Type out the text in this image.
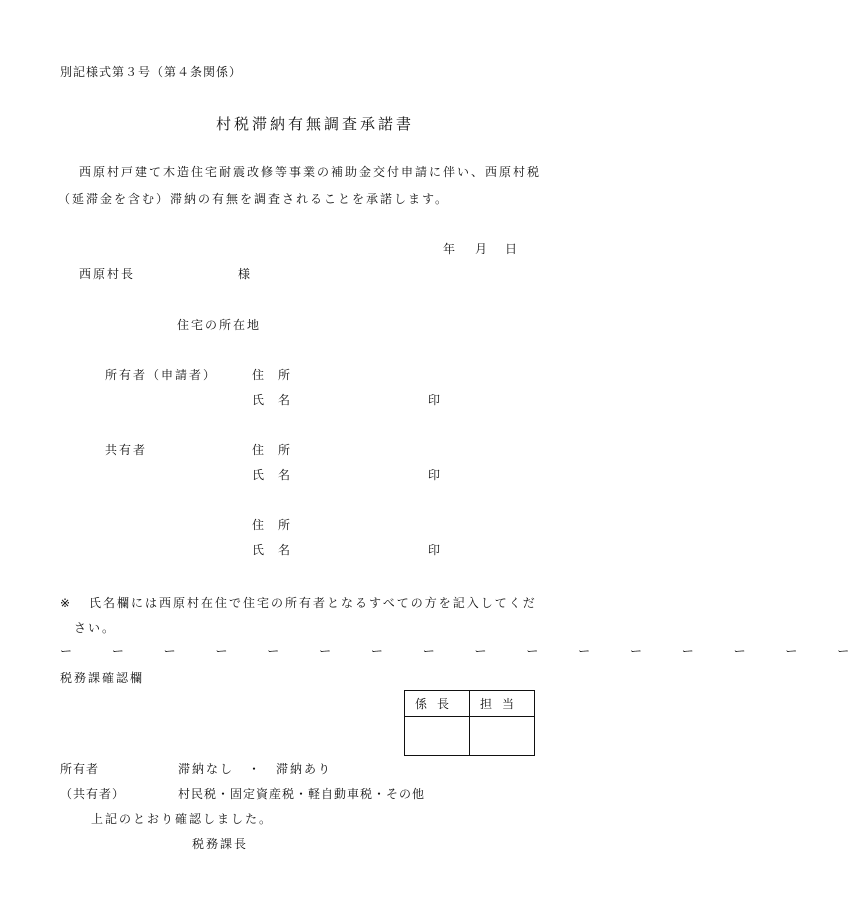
別記様式第３号（第４条関係）
村税滞納有無調査承諾書
西原村戸建て木造住宅耐震改修等事業の補助金交付申請に伴い、西原村税
（延滞金を含む）滞納の有無を調査されることを承諾します。
年 月 日
西原村長	様
住宅の所在地
所有者（申請者）	住所
氏名	印
共有者	住所
氏名	印
住所
氏名	印
※ 氏名欄には西原村在住で住宅の所有者となるすべての方を記入してくだ
さい。
ー ー ー ー ー ー ー ー ー ー ー ー ー ー ー ー
税務課確認欄
係長	担当

所有者	滞納なし　・　滞納あり
（共有者）	村民税・固定資産税・軽自動車税・その他
上記のとおり確認しました。
税務課長
